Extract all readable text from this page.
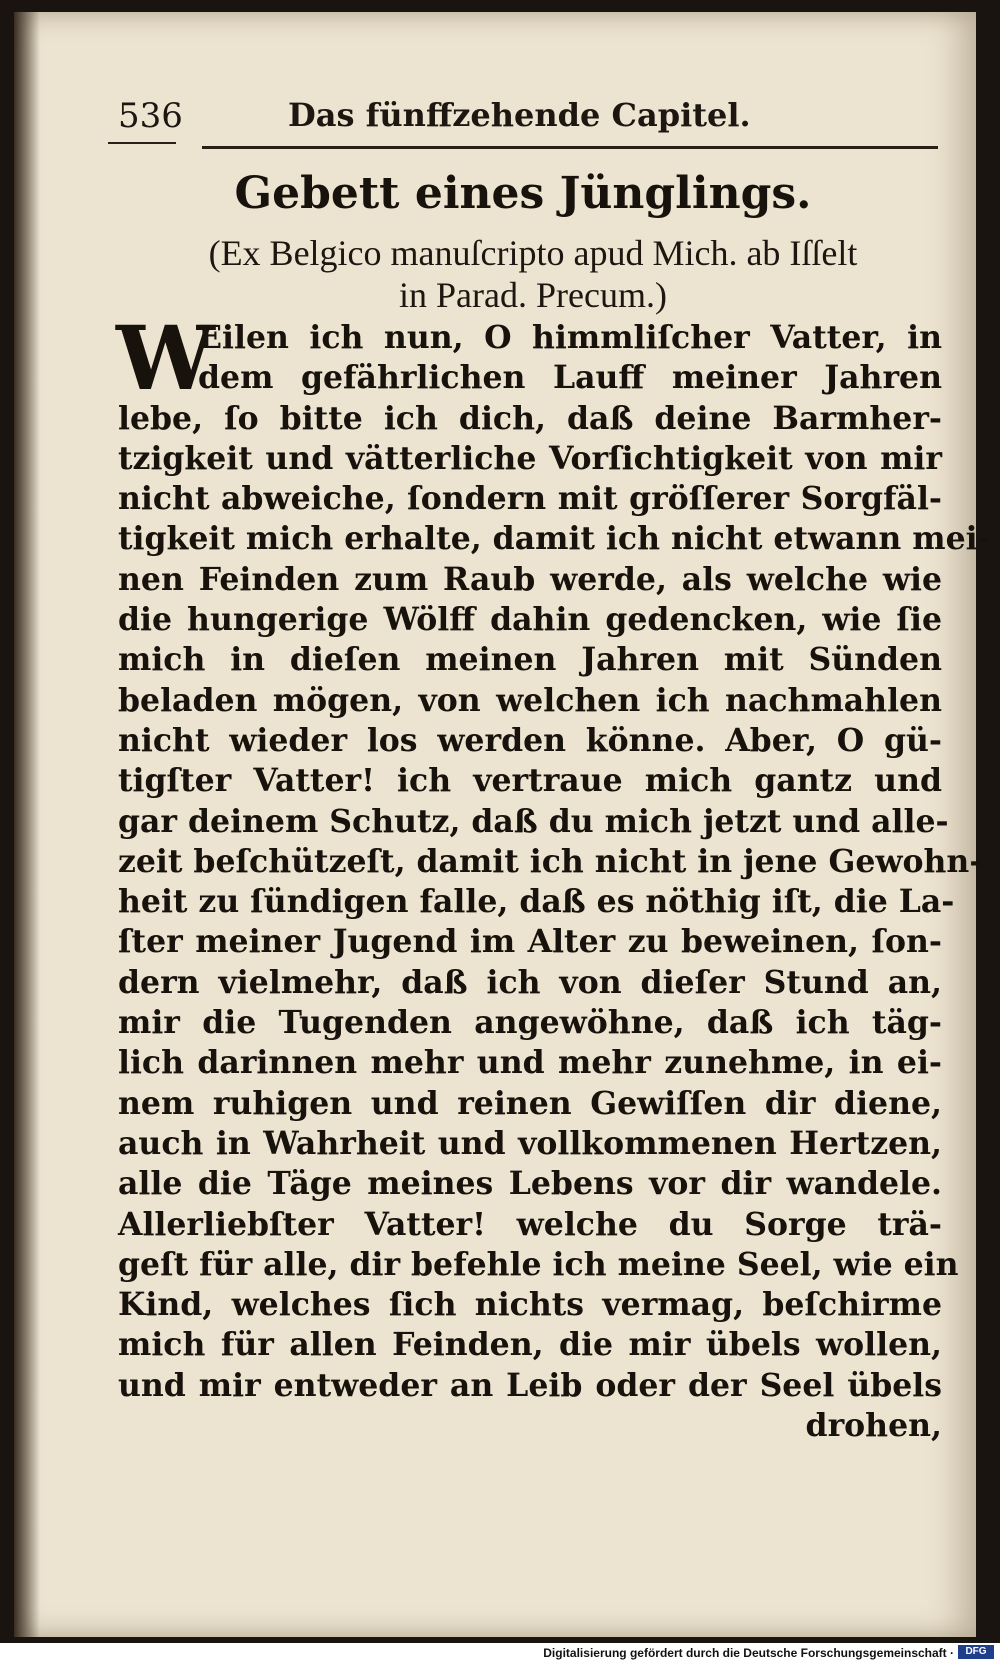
536	Das fünffzehende Capitel.
Gebett eines Jünglings.
(Ex Belgico manuſcripto apud Mich. ab Iſſelt
in Parad. Precum.)
W
Eilen ich nun, O himmliſcher Vatter, in
dem gefährlichen Lauff meiner Jahren
lebe, ſo bitte ich dich, daß deine Barmher-
tzigkeit und vätterliche Vorſichtigkeit von mir
nicht abweiche, ſondern mit gröſſerer Sorgfäl-
tigkeit mich erhalte, damit ich nicht etwann mei-
nen Feinden zum Raub werde, als welche wie
die hungerige Wölff dahin gedencken, wie ſie
mich in dieſen meinen Jahren mit Sünden
beladen mögen, von welchen ich nachmahlen
nicht wieder los werden könne. Aber, O gü-
tigſter Vatter! ich vertraue mich gantz und
gar deinem Schutz, daß du mich jetzt und alle-
zeit beſchützeſt, damit ich nicht in jene Gewohn-
heit zu ſündigen falle, daß es nöthig iſt, die La-
ſter meiner Jugend im Alter zu beweinen, ſon-
dern vielmehr, daß ich von dieſer Stund an,
mir die Tugenden angewöhne, daß ich täg-
lich darinnen mehr und mehr zunehme, in ei-
nem ruhigen und reinen Gewiſſen dir diene,
auch in Wahrheit und vollkommenen Hertzen,
alle die Täge meines Lebens vor dir wandele.
Allerliebſter Vatter! welche du Sorge trä-
geſt für alle, dir befehle ich meine Seel, wie ein
Kind, welches ſich nichts vermag, beſchirme
mich für allen Feinden, die mir übels wollen,
und mir entweder an Leib oder der Seel übels
drohen,
Digitalisierung gefördert durch die Deutsche Forschungsgemeinschaft ·	DFG
